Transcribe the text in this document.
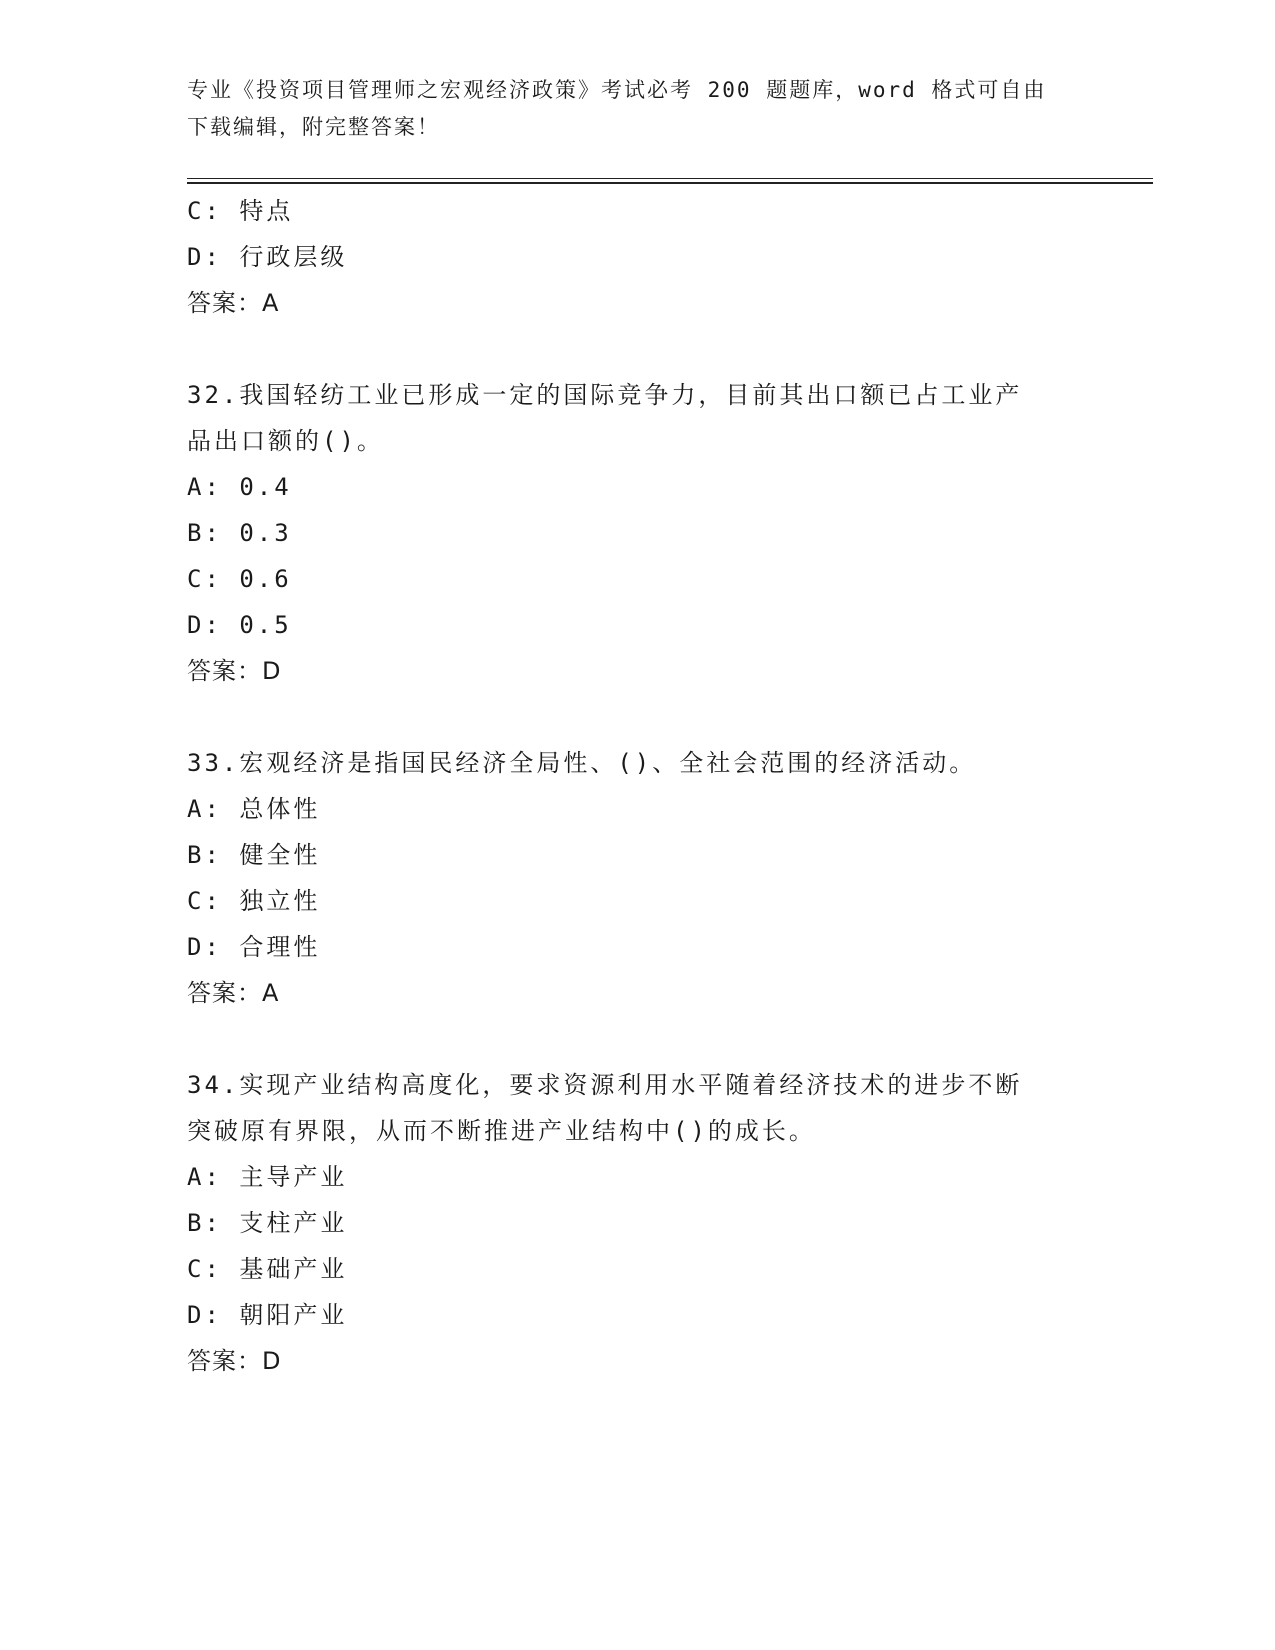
专业《投资项目管理师之宏观经济政策》考试必考 200 题题库，word 格式可自由
下载编辑，附完整答案！
C: 特点
D: 行政层级
答案：A
32.我国轻纺工业已形成一定的国际竞争力，目前其出口额已占工业产
品出口额的()。
A: 0.4
B: 0.3
C: 0.6
D: 0.5
答案：D
33.宏观经济是指国民经济全局性、()、全社会范围的经济活动。
A: 总体性
B: 健全性
C: 独立性
D: 合理性
答案：A
34.实现产业结构高度化，要求资源利用水平随着经济技术的进步不断
突破原有界限，从而不断推进产业结构中()的成长。
A: 主导产业
B: 支柱产业
C: 基础产业
D: 朝阳产业
答案：D
